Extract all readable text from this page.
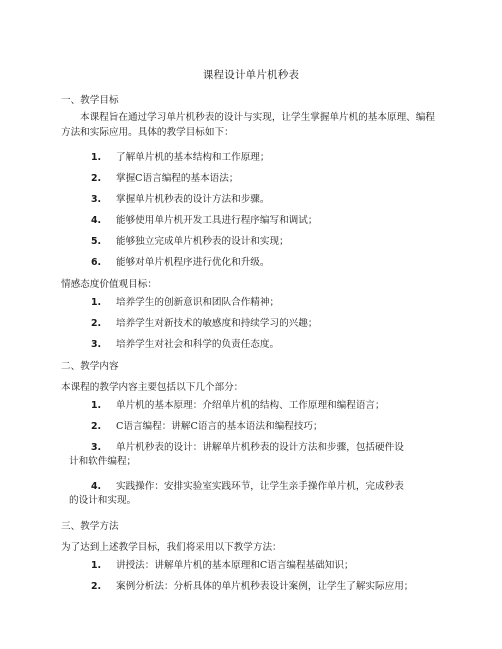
课程设计单片机秒表
一、教学目标

本课程旨在通过学习单片机秒表的设计与实现，让学生掌握单片机的基本原理、编程方法和实际应用。具体的教学目标如下：

1. 了解单片机的基本结构和工作原理；
2. 掌握C语言编程的基本语法；
3. 掌握单片机秒表的设计方法和步骤。
4. 能够使用单片机开发工具进行程序编写和调试；
5. 能够独立完成单片机秒表的设计和实现；
6. 能够对单片机程序进行优化和升级。
情感态度价值观目标：
1. 培养学生的创新意识和团队合作精神；
2. 培养学生对新技术的敏感度和持续学习的兴趣；
3. 培养学生对社会和科学的负责任态度。
二、教学内容
本课程的教学内容主要包括以下几个部分：
1. 单片机的基本原理：介绍单片机的结构、工作原理和编程语言；
2. C语言编程：讲解C语言的基本语法和编程技巧；
3. 单片机秒表的设计：讲解单片机秒表的设计方法和步骤，包括硬件设
计和软件编程；
4. 实践操作：安排实验室实践环节，让学生亲手操作单片机，完成秒表
的设计和实现。
三、教学方法
为了达到上述教学目标，我们将采用以下教学方法：
1. 讲授法：讲解单片机的基本原理和C语言编程基础知识；
2. 案例分析法：分析具体的单片机秒表设计案例，让学生了解实际应用；
